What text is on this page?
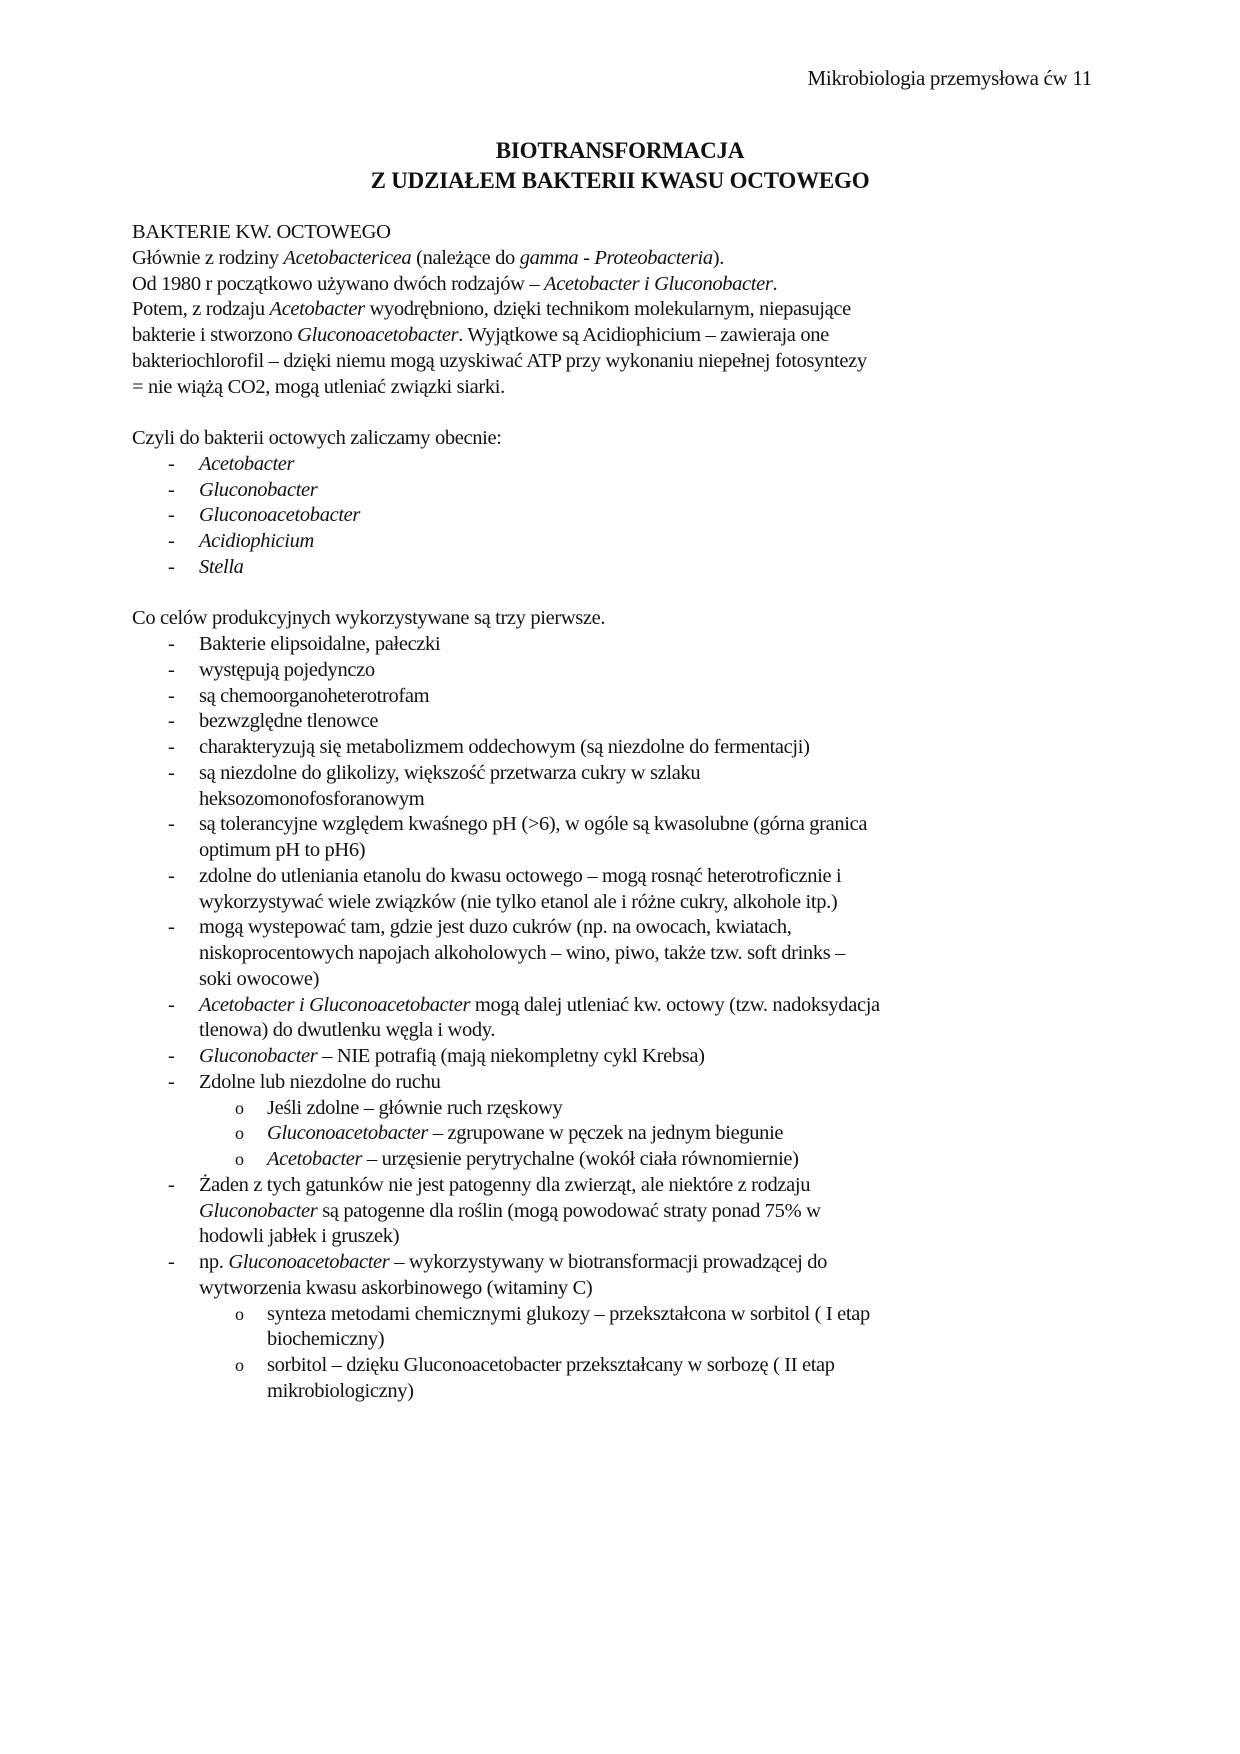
Mikrobiologia przemysłowa ćw 11
BIOTRANSFORMACJA
Z UDZIAŁEM BAKTERII KWASU OCTOWEGO
BAKTERIE KW. OCTOWEGO
Głównie z rodziny Acetobactericea (należące do gamma - Proteobacteria).
Od 1980 r początkowo używano dwóch rodzajów – Acetobacter i Gluconobacter.
Potem, z rodzaju Acetobacter wyodrębniono, dzięki technikom molekularnym, niepasujące
bakterie i stworzono Gluconoacetobacter. Wyjątkowe są Acidiophicium – zawieraja one
bakteriochlorofil – dzięki niemu mogą uzyskiwać ATP przy wykonaniu niepełnej fotosyntezy
= nie wiążą CO2, mogą utleniać związki siarki.
Czyli do bakterii octowych zaliczamy obecnie:
- Acetobacter
- Gluconobacter
- Gluconoacetobacter
- Acidiophicium
- Stella
Co celów produkcyjnych wykorzystywane są trzy pierwsze.
- Bakterie elipsoidalne, pałeczki
- występują pojedynczo
- są chemoorganoheterotrofam
- bezwzględne tlenowce
- charakteryzują się metabolizmem oddechowym (są niezdolne do fermentacji)
- są niezdolne do glikolizy, większość przetwarza cukry w szlaku
heksozomonofosforanowym
- są tolerancyjne względem kwaśnego pH (>6), w ogóle są kwasolubne (górna granica
optimum pH to pH6)
- zdolne do utleniania etanolu do kwasu octowego – mogą rosnąć heterotroficznie i
wykorzystywać wiele związków (nie tylko etanol ale i różne cukry, alkohole itp.)
- mogą wystepować tam, gdzie jest duzo cukrów (np. na owocach, kwiatach,
niskoprocentowych napojach alkoholowych – wino, piwo, także tzw. soft drinks –
soki owocowe)
- Acetobacter i Gluconoacetobacter mogą dalej utleniać kw. octowy (tzw. nadoksydacja
tlenowa) do dwutlenku węgla i wody.
- Gluconobacter – NIE potrafią (mają niekompletny cykl Krebsa)
- Zdolne lub niezdolne do ruchu
o Jeśli zdolne – głównie ruch rzęskowy
o Gluconoacetobacter – zgrupowane w pęczek na jednym biegunie
o Acetobacter – urzęsienie perytrychalne (wokół ciała równomiernie)
- Żaden z tych gatunków nie jest patogenny dla zwierząt, ale niektóre z rodzaju
Gluconobacter są patogenne dla roślin (mogą powodować straty ponad 75% w
hodowli jabłek i gruszek)
- np. Gluconoacetobacter – wykorzystywany w biotransformacji prowadzącej do
wytworzenia kwasu askorbinowego (witaminy C)
o synteza metodami chemicznymi glukozy – przekształcona w sorbitol ( I etap
biochemiczny)
o sorbitol – dzięku Gluconoacetobacter przekształcany w sorbozę ( II etap
mikrobiologiczny)
